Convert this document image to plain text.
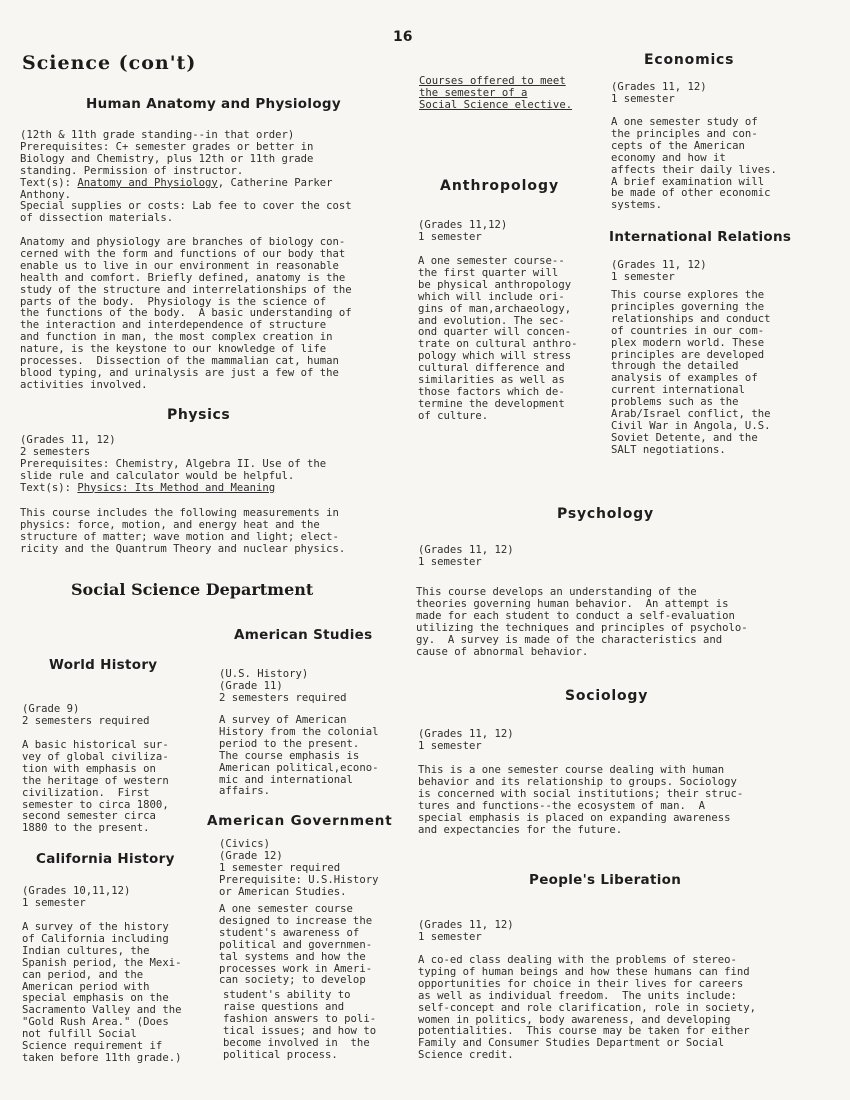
16
Science (con't)
Human Anatomy and Physiology
(12th & 11th grade standing--in that order)
Prerequisites: C+ semester grades or better in
Biology and Chemistry, plus 12th or 11th grade
standing. Permission of instructor.
Text(s): Anatomy and Physiology, Catherine Parker
Anthony.
Special supplies or costs: Lab fee to cover the cost
of dissection materials.
Anatomy and physiology are branches of biology con-
cerned with the form and functions of our body that
enable us to live in our environment in reasonable
health and comfort. Briefly defined, anatomy is the
study of the structure and interrelationships of the
parts of the body.  Physiology is the science of
the functions of the body.  A basic understanding of
the interaction and interdependence of structure
and function in man, the most complex creation in
nature, is the keystone to our knowledge of life
processes.  Dissection of the mammalian cat, human
blood typing, and urinalysis are just a few of the
activities involved.
Physics
(Grades 11, 12)
2 semesters
Prerequisites: Chemistry, Algebra II. Use of the
slide rule and calculator would be helpful.
Text(s): Physics: Its Method and Meaning
This course includes the following measurements in
physics: force, motion, and energy heat and the
structure of matter; wave motion and light; elect-
ricity and the Quantrum Theory and nuclear physics.
Social Science Department
World History
(Grade 9)
2 semesters required
A basic historical sur-
vey of global civiliza-
tion with emphasis on
the heritage of western
civilization.  First
semester to circa 1800,
second semester circa
1880 to the present.
California History
(Grades 10,11,12)
1 semester
A survey of the history
of California including
Indian cultures, the
Spanish period, the Mexi-
can period, and the
American period with
special emphasis on the
Sacramento Valley and the
"Gold Rush Area." (Does
not fulfill Social
Science requirement if
taken before 11th grade.)
American Studies
(U.S. History)
(Grade 11)
2 semesters required
A survey of American
History from the colonial
period to the present.
The course emphasis is
American political,econo-
mic and international
affairs.
American Government
(Civics)
(Grade 12)
1 semester required
Prerequisite: U.S.History
or American Studies.
A one semester course
designed to increase the
student's awareness of
political and governmen-
tal systems and how the
processes work in Ameri-
can society; to develop
student's ability to
raise questions and
fashion answers to poli-
tical issues; and how to
become involved in  the
political process.
Courses offered to meet
the semester of a
Social Science elective.
Anthropology
(Grades 11,12)
1 semester
A one semester course--
the first quarter will
be physical anthropology
which will include ori-
gins of man,archaeology,
and evolution. The sec-
ond quarter will concen-
trate on cultural anthro-
pology which will stress
cultural difference and
similarities as well as
those factors which de-
termine the development
of culture.
Economics
(Grades 11, 12)
1 semester
A one semester study of
the principles and con-
cepts of the American
economy and how it
affects their daily lives.
A brief examination will
be made of other economic
systems.
International Relations
(Grades 11, 12)
1 semester
This course explores the
principles governing the
relationships and conduct
of countries in our com-
plex modern world. These
principles are developed
through the detailed
analysis of examples of
current international
problems such as the
Arab/Israel conflict, the
Civil War in Angola, U.S.
Soviet Detente, and the
SALT negotiations.
Psychology
(Grades 11, 12)
1 semester
This course develops an understanding of the
theories governing human behavior.  An attempt is
made for each student to conduct a self-evaluation
utilizing the techniques and principles of psycholo-
gy.  A survey is made of the characteristics and
cause of abnormal behavior.
Sociology
(Grades 11, 12)
1 semester
This is a one semester course dealing with human
behavior and its relationship to groups. Sociology
is concerned with social institutions; their struc-
tures and functions--the ecosystem of man.  A
special emphasis is placed on expanding awareness
and expectancies for the future.
People's Liberation
(Grades 11, 12)
1 semester
A co-ed class dealing with the problems of stereo-
typing of human beings and how these humans can find
opportunities for choice in their lives for careers
as well as individual freedom.  The units include:
self-concept and role clarification, role in society,
women in politics, body awareness, and developing
potentialities.  This course may be taken for either
Family and Consumer Studies Department or Social
Science credit.
